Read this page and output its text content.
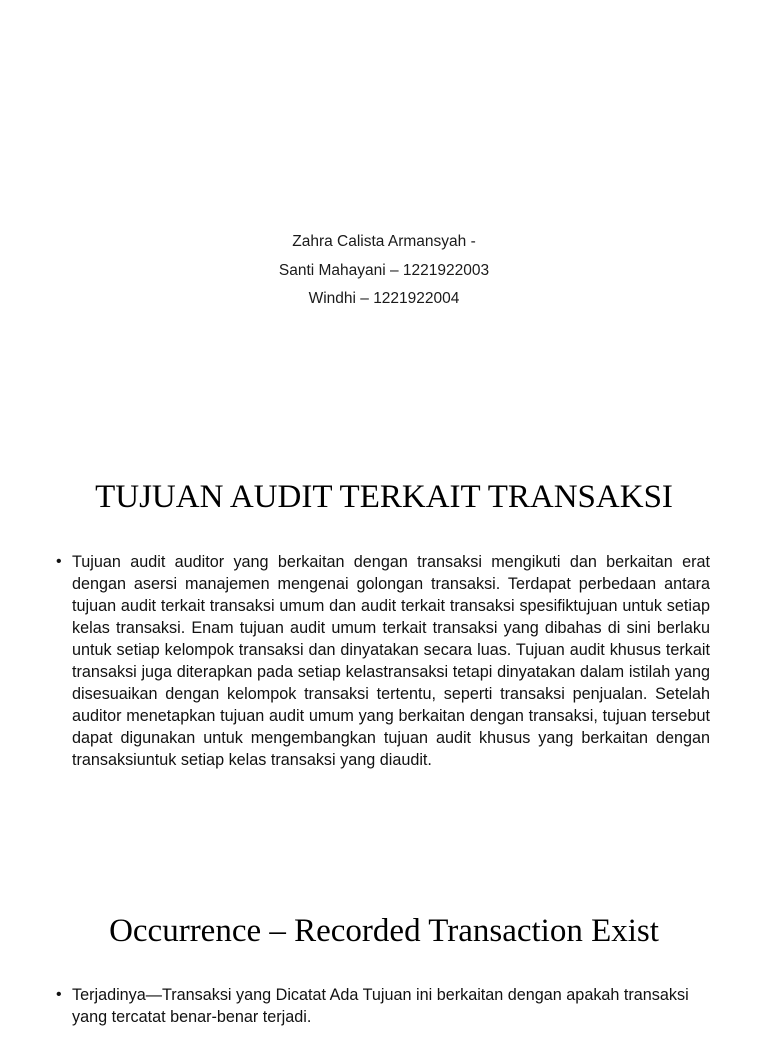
Zahra Calista Armansyah -
Santi Mahayani – 1221922003
Windhi – 1221922004
TUJUAN AUDIT TERKAIT TRANSAKSI
• Tujuan audit auditor yang berkaitan dengan transaksi mengikuti dan berkaitan erat dengan asersi manajemen mengenai golongan transaksi. Terdapat perbedaan antara tujuan audit terkait transaksi umum dan audit terkait transaksi spesifiktujuan untuk setiap kelas transaksi. Enam tujuan audit umum terkait transaksi yang dibahas di sini berlaku untuk setiap kelompok transaksi dan dinyatakan secara luas. Tujuan audit khusus terkait transaksi juga diterapkan pada setiap kelastransaksi tetapi dinyatakan dalam istilah yang disesuaikan dengan kelompok transaksi tertentu, seperti transaksi penjualan. Setelah auditor menetapkan tujuan audit umum yang berkaitan dengan transaksi, tujuan tersebut dapat digunakan untuk mengembangkan tujuan audit khusus yang berkaitan dengan transaksiuntuk setiap kelas transaksi yang diaudit.
Occurrence – Recorded Transaction Exist
• Terjadinya—Transaksi yang Dicatat Ada Tujuan ini berkaitan dengan apakah transaksi yang tercatat benar-benar terjadi.
